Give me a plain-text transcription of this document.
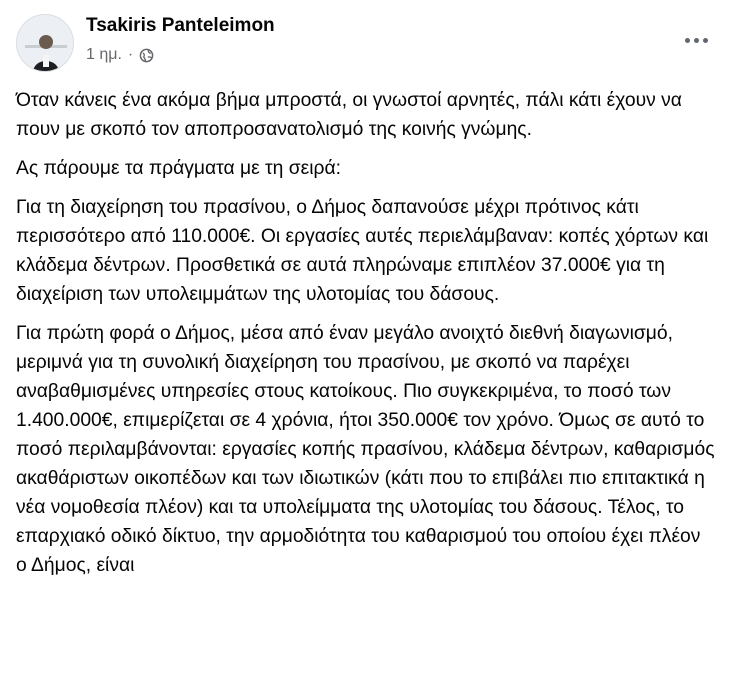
Tsakiris Panteleimon
1 ημ. ·

Όταν κάνεις ένα ακόμα βήμα μπροστά, οι γνωστοί αρνητές, πάλι κάτι έχουν να πουν με σκοπό τον αποπροσανατολισμό της κοινής γνώμης.

Ας πάρουμε τα πράγματα με τη σειρά:

Για τη διαχείρηση του πρασίνου, ο Δήμος δαπανούσε μέχρι πρότινος κάτι περισσότερο από 110.000€. Οι εργασίες αυτές περιελάμβαναν: κοπές χόρτων και κλάδεμα δέντρων. Προσθετικά σε αυτά πληρώναμε επιπλέον 37.000€ για τη διαχείριση των υπολειμμάτων της υλοτομίας του δάσους.

Για πρώτη φορά ο Δήμος, μέσα από έναν μεγάλο ανοιχτό διεθνή διαγωνισμό, μεριμνά για τη συνολική διαχείρηση του πρασίνου, με σκοπό να παρέχει αναβαθμισμένες υπηρεσίες στους κατοίκους. Πιο συγκεκριμένα, το ποσό των 1.400.000€, επιμερίζεται σε 4 χρόνια, ήτοι 350.000€ τον χρόνο. Όμως σε αυτό το ποσό περιλαμβάνονται: εργασίες κοπής πρασίνου, κλάδεμα δέντρων, καθαρισμός ακαθάριστων οικοπέδων και των ιδιωτικών (κάτι που το επιβάλει πιο επιτακτικά η νέα νομοθεσία πλέον) και τα υπολείμματα της υλοτομίας του δάσους. Τέλος, το επαρχιακό οδικό δίκτυο, την αρμοδιότητα του καθαρισμού του οποίου έχει πλέον ο Δήμος, είναι
